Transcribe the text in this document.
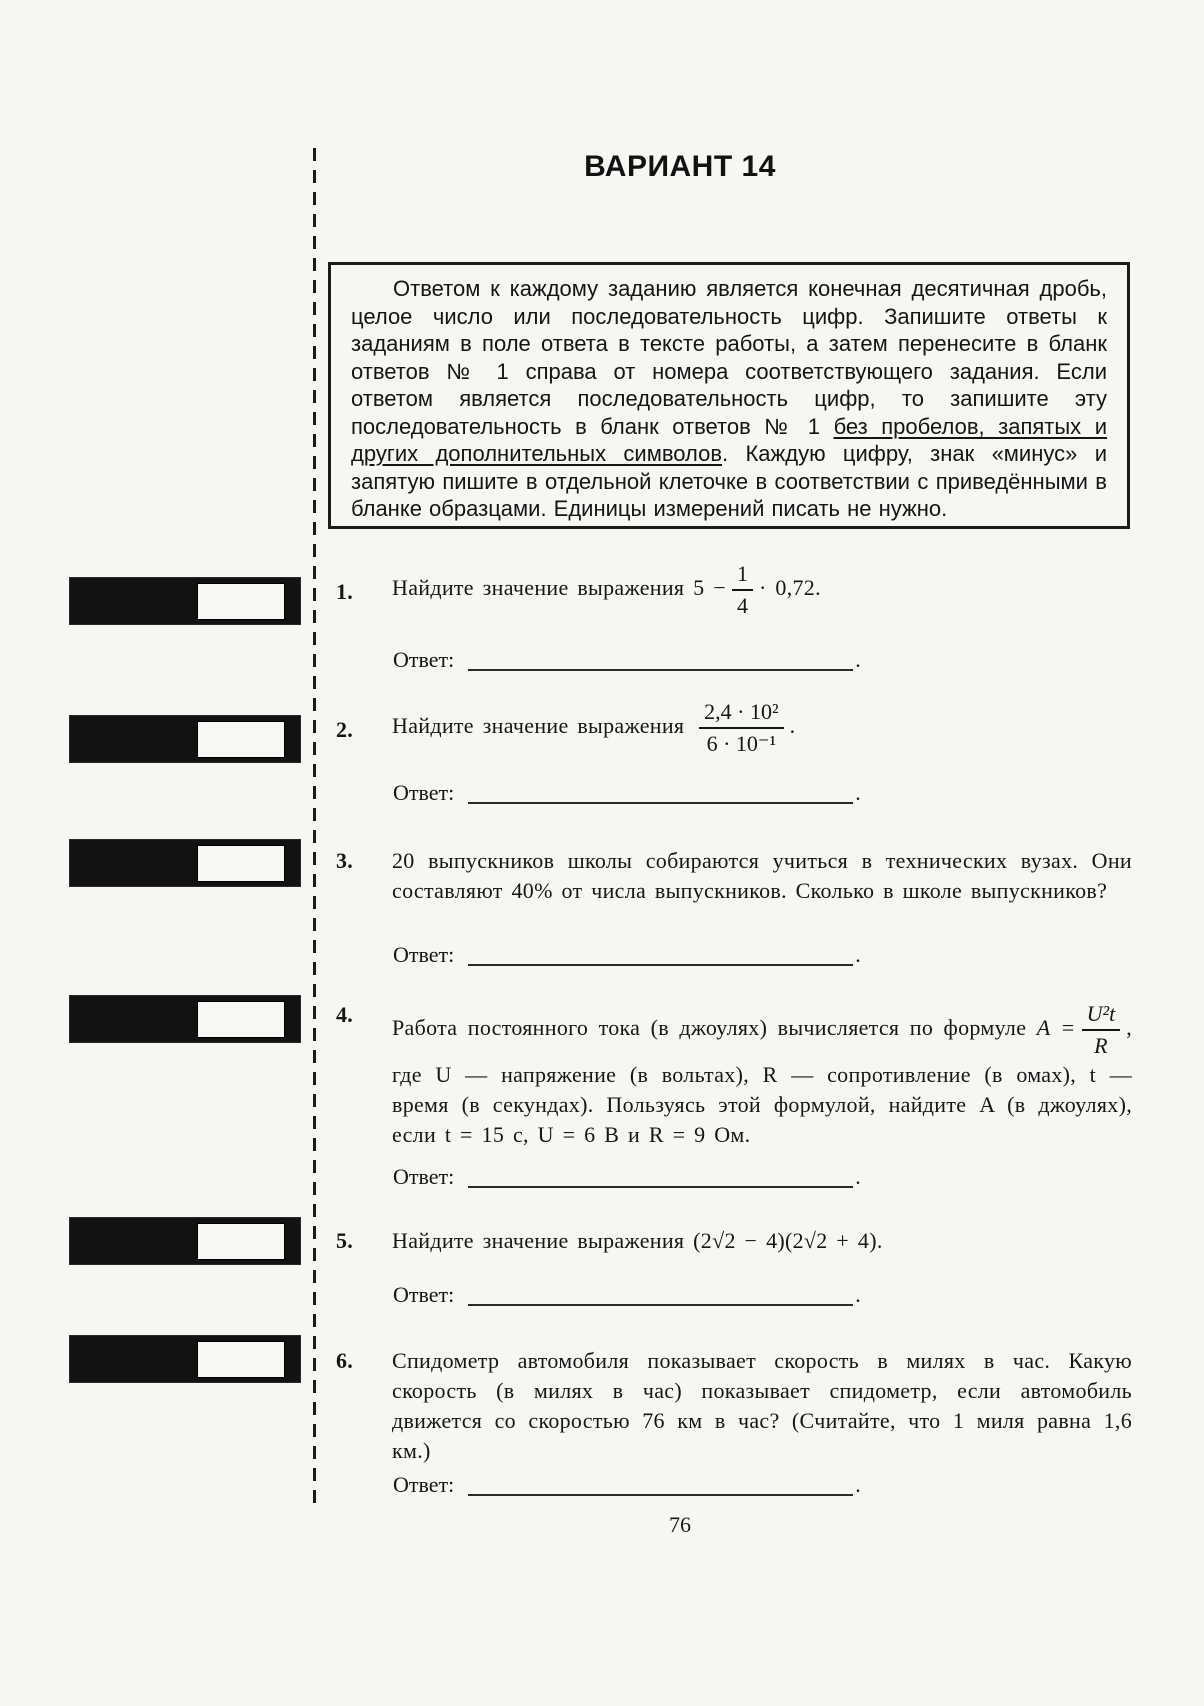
ВАРИАНТ 14

Ответом к каждому заданию является конечная десятичная дробь, целое число или последовательность цифр. Запишите ответы к заданиям в поле ответа в тексте работы, а затем перенесите в бланк ответов № 1 справа от номера соответствующего задания. Если ответом является последовательность цифр, то запишите эту последовательность в бланк ответов № 1 без пробелов, запятых и других дополнительных символов. Каждую цифру, знак «минус» и запятую пишите в отдельной клеточке в соответствии с приведёнными в бланке образцами. Единицы измерений писать не нужно.

1. Найдите значение выражения $5 - \frac{1}{4} \cdot 0,72$.
Ответ:	.
2. Найдите значение выражения $\frac{\text{2,4 · 10²}}{\text{6 · 10⁻¹}}$ .
Ответ:	.
3. 20 выпускников школы собираются учиться в технических вузах. Они составляют 40% от числа выпускников. Сколько в школе выпускников?
Ответ:	.
4.
Работа постоянного тока (в джоулях) вычисляется по формуле $A = \frac{\text{U²t}}{R}$ , где U — напряжение (в вольтах), R — сопротивление (в омах), t — время (в секундах). Пользуясь этой формулой, найдите A (в джоулях), если t = 15 с, U = 6 В и R = 9 Ом.
Ответ:	.
5. Найдите значение выражения (2√2 − 4)(2√2 + 4).
Ответ:	.
6. Спидометр автомобиля показывает скорость в милях в час. Какую скорость (в милях в час) показывает спидометр, если автомобиль движется со скоростью 76 км в час? (Считайте, что 1 миля равна 1,6 км.)
Ответ:	.
76
